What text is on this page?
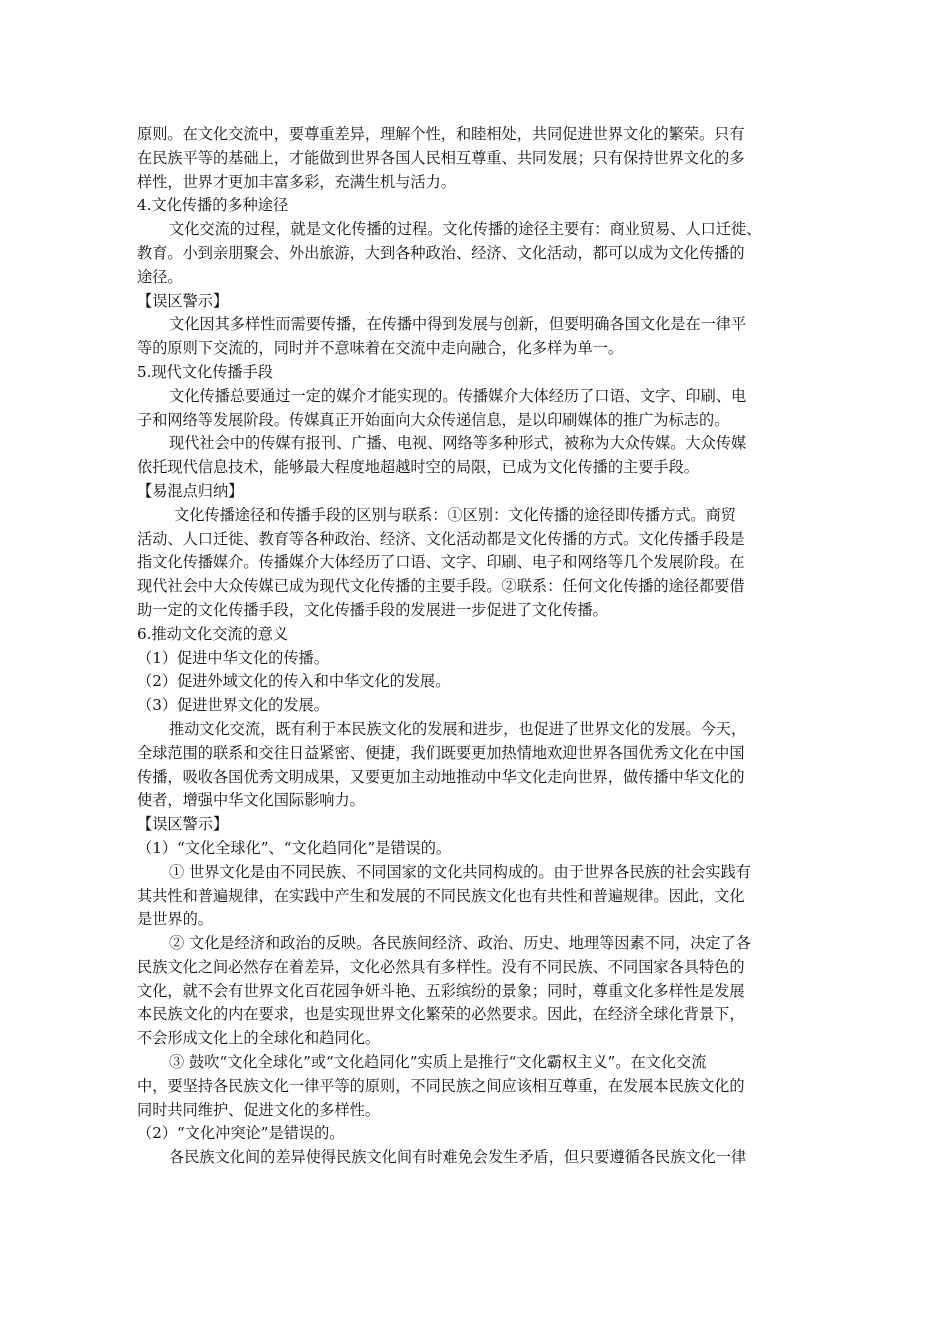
原则。在文化交流中，要尊重差异，理解个性，和睦相处，共同促进世界文化的繁荣。只有
在民族平等的基础上，才能做到世界各国人民相互尊重、共同发展；只有保持世界文化的多
样性，世界才更加丰富多彩，充满生机与活力。
4.文化传播的多种途径
文化交流的过程，就是文化传播的过程。文化传播的途径主要有：商业贸易、人口迁徙、
教育。小到亲朋聚会、外出旅游，大到各种政治、经济、文化活动，都可以成为文化传播的
途径。
【误区警示】
文化因其多样性而需要传播，在传播中得到发展与创新，但要明确各国文化是在一律平
等的原则下交流的，同时并不意味着在交流中走向融合，化多样为单一。
5.现代文化传播手段
文化传播总要通过一定的媒介才能实现的。传播媒介大体经历了口语、文字、印刷、电
子和网络等发展阶段。传媒真正开始面向大众传递信息，是以印刷媒体的推广为标志的。
现代社会中的传媒有报刊、广播、电视、网络等多种形式，被称为大众传媒。大众传媒
依托现代信息技术，能够最大程度地超越时空的局限，已成为文化传播的主要手段。
【易混点归纳】
文化传播途径和传播手段的区别与联系：①区别：文化传播的途径即传播方式。商贸
活动、人口迁徙、教育等各种政治、经济、文化活动都是文化传播的方式。文化传播手段是
指文化传播媒介。传播媒介大体经历了口语、文字、印刷、电子和网络等几个发展阶段。在
现代社会中大众传媒已成为现代文化传播的主要手段。②联系：任何文化传播的途径都要借
助一定的文化传播手段，文化传播手段的发展进一步促进了文化传播。
6.推动文化交流的意义
（1）促进中华文化的传播。
（2）促进外域文化的传入和中华文化的发展。
（3）促进世界文化的发展。
推动文化交流，既有利于本民族文化的发展和进步，也促进了世界文化的发展。今天，
全球范围的联系和交往日益紧密、便捷，我们既要更加热情地欢迎世界各国优秀文化在中国
传播，吸收各国优秀文明成果，又要更加主动地推动中华文化走向世界，做传播中华文化的
使者，增强中华文化国际影响力。
【误区警示】
（1）“文化全球化”、“文化趋同化”是错误的。
① 世界文化是由不同民族、不同国家的文化共同构成的。由于世界各民族的社会实践有
其共性和普遍规律，在实践中产生和发展的不同民族文化也有共性和普遍规律。因此，文化
是世界的。
② 文化是经济和政治的反映。各民族间经济、政治、历史、地理等因素不同，决定了各
民族文化之间必然存在着差异，文化必然具有多样性。没有不同民族、不同国家各具特色的
文化，就不会有世界文化百花园争妍斗艳、五彩缤纷的景象；同时，尊重文化多样性是发展
本民族文化的内在要求，也是实现世界文化繁荣的必然要求。因此，在经济全球化背景下，
不会形成文化上的全球化和趋同化。
③ 鼓吹“文化全球化”或“文化趋同化”实质上是推行“文化霸权主义”。在文化交流
中，要坚持各民族文化一律平等的原则，不同民族之间应该相互尊重，在发展本民族文化的
同时共同维护、促进文化的多样性。
（2）“文化冲突论”是错误的。
各民族文化间的差异使得民族文化间有时难免会发生矛盾，但只要遵循各民族文化一律
